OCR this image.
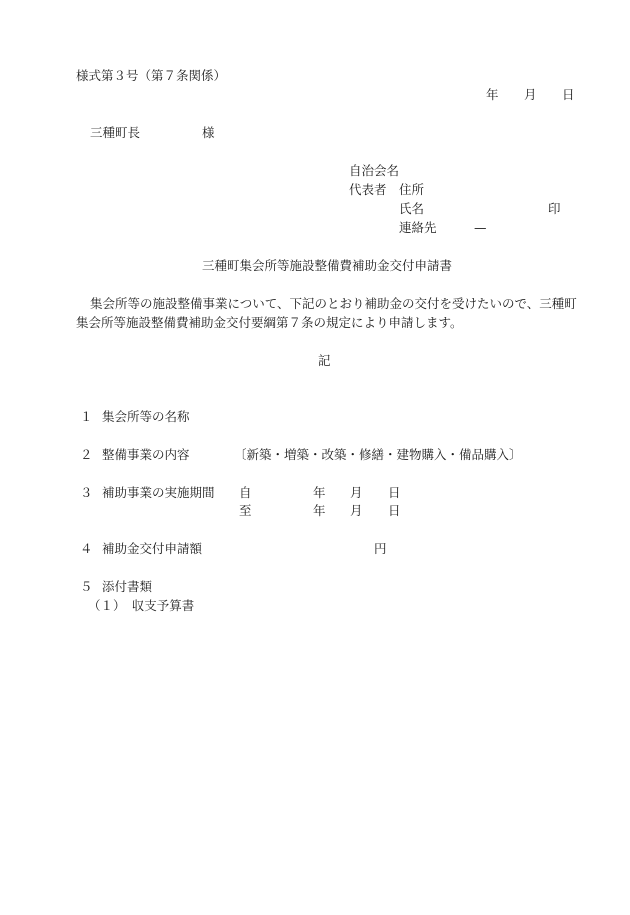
様式第３号（第７条関係）
年 月 日
三種町長	様
自治会名
代表者 住所
氏名	印
連絡先	—
三種町集会所等施設整備費補助金交付申請書
集会所等の施設整備事業について、下記のとおり補助金の交付を受けたいので、三種町
集会所等施設整備費補助金交付要綱第７条の規定により申請します。
記
１ 集会所等の名称
２ 整備事業の内容	〔新築・増築・改築・修繕・建物購入・備品購入〕
３ 補助事業の実施期間 自	年 月 日
至	年 月 日
４ 補助金交付申請額	円
５ 添付書類
（１）　収支予算書
